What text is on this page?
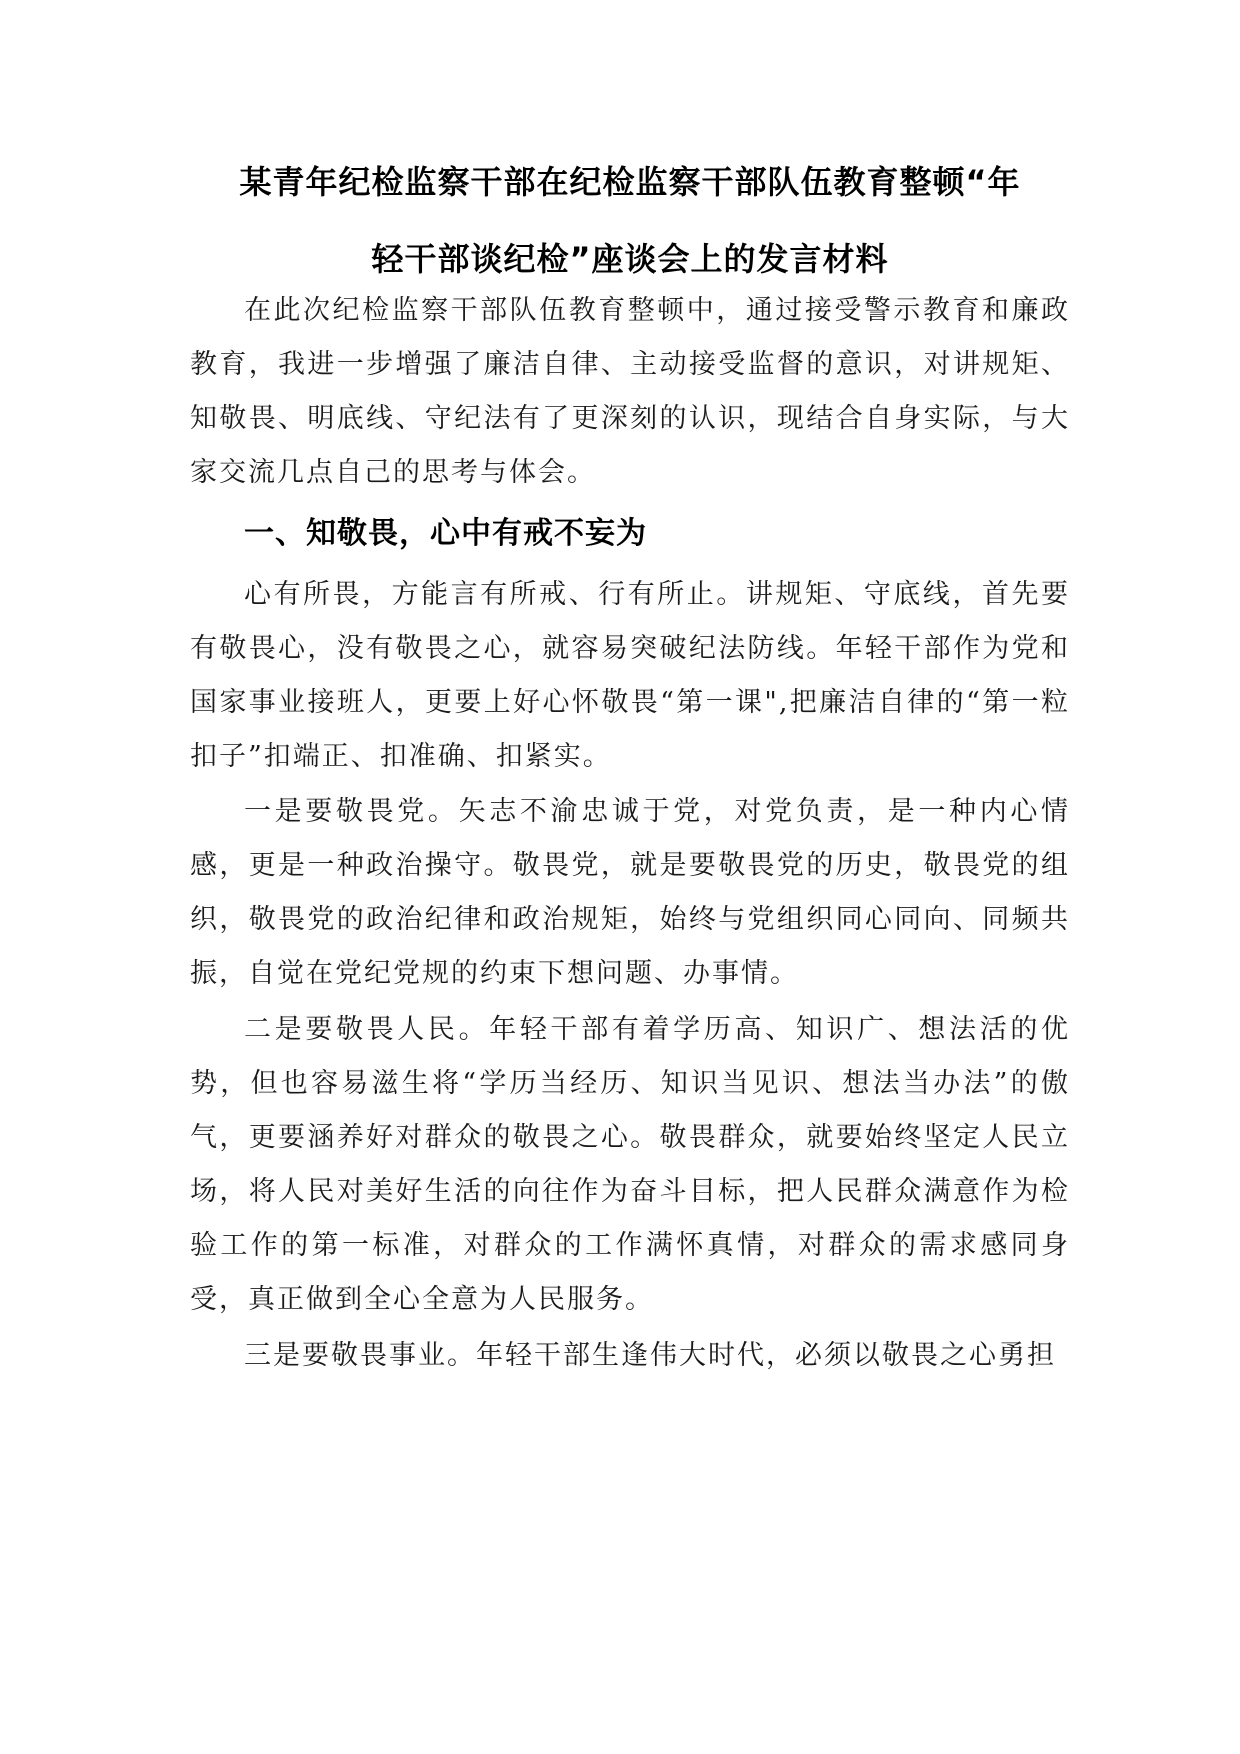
某青年纪检监察干部在纪检监察干部队伍教育整顿“年
轻干部谈纪检”座谈会上的发言材料

在此次纪检监察干部队伍教育整顿中，通过接受警示教育和廉政教育，我进一步增强了廉洁自律、主动接受监督的意识，对讲规矩、知敬畏、明底线、守纪法有了更深刻的认识，现结合自身实际，与大家交流几点自己的思考与体会。

一、知敬畏，心中有戒不妄为

心有所畏，方能言有所戒、行有所止。讲规矩、守底线，首先要有敬畏心，没有敬畏之心，就容易突破纪法防线。年轻干部作为党和国家事业接班人，更要上好心怀敬畏“第一课",把廉洁自律的“第一粒扣子”扣端正、扣准确、扣紧实。

一是要敬畏党。矢志不渝忠诚于党，对党负责，是一种内心情感，更是一种政治操守。敬畏党，就是要敬畏党的历史，敬畏党的组织，敬畏党的政治纪律和政治规矩，始终与党组织同心同向、同频共振，自觉在党纪党规的约束下想问题、办事情。

二是要敬畏人民。年轻干部有着学历高、知识广、想法活的优势，但也容易滋生将“学历当经历、知识当见识、想法当办法”的傲气，更要涵养好对群众的敬畏之心。敬畏群众，就要始终坚定人民立场，将人民对美好生活的向往作为奋斗目标，把人民群众满意作为检验工作的第一标准，对群众的工作满怀真情，对群众的需求感同身受，真正做到全心全意为人民服务。

三是要敬畏事业。年轻干部生逢伟大时代，必须以敬畏之心勇担
